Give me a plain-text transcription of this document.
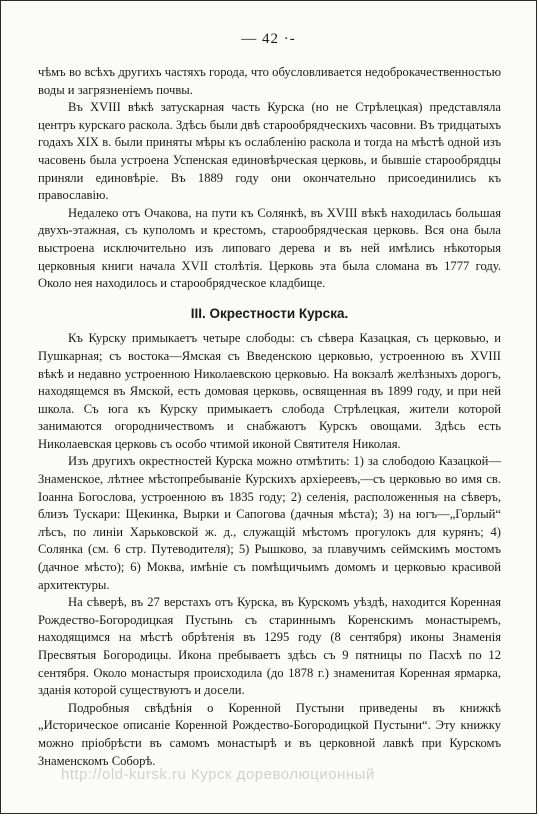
— 42 ·-

чѣмъ во всѣхъ другихъ частяхъ города, что обусловливается недоброкачественностью воды и загрязненіемъ почвы.

Въ XVIII вѣкѣ затускарная часть Курска (но не Стрѣлецкая) представляла центръ курскаго раскола. Здѣсь были двѣ старообрядческихъ часовни. Въ тридцатыхъ годахъ XIX в. были приняты мѣры къ ослабленію раскола и тогда на мѣстѣ одной изъ часовень была устроена Успенская единовѣрческая церковь, и бывшіе старообрядцы приняли единовѣріе. Въ 1889 году они окончательно присоединились къ православію.

Недалеко отъ Очакова, на пути къ Солянкѣ, въ XVIII вѣкѣ находилась большая двухъ-этажная, съ куполомъ и крестомъ, старообрядческая церковь. Вся она была выстроена исключительно изъ липоваго дерева и въ ней имѣлись нѣкоторыя церковныя книги начала XVII столѣтія. Церковь эта была сломана въ 1777 году. Около нея находилось и старообрядческое кладбище.

III. Окрестности Курска.

Къ Курску примыкаетъ четыре слободы: съ сѣвера Казацкая, съ церковью, и Пушкарная; съ востока—Ямская съ Введенскою церковью, устроенною въ XVIII вѣкѣ и недавно устроенною Николаевскою церковью. На вокзалѣ желѣзныхъ дорогъ, находящемся въ Ямской, есть домовая церковь, освященная въ 1899 году, и при ней школа. Съ юга къ Курску примыкаетъ слобода Стрѣлецкая, жители которой занимаются огородничествомъ и снабжаютъ Курскъ овощами. Здѣсь есть Николаевская церковь съ особо чтимой иконой Святителя Николая.

Изъ другихъ окрестностей Курска можно отмѣтить: 1) за слободою Казацкой—Знаменское, лѣтнее мѣстопребываніе Курскихъ архіереевъ,—съ церковью во имя св. Іоанна Богослова, устроенною въ 1835 году; 2) селенія, расположенныя на сѣверъ, близъ Тускари: Щекинка, Вырки и Сапогова (дачныя мѣста); 3) на югъ—„Горлый“ лѣсъ, по линіи Харьковской ж. д., служащій мѣстомъ прогулокъ для курянъ; 4) Солянка (см. 6 стр. Путеводителя); 5) Рышково, за плавучимъ сеймскимъ мостомъ (дачное мѣсто); 6) Моква, имѣніе съ помѣщичьимъ домомъ и церковью красивой архитектуры.

На сѣверѣ, въ 27 верстахъ отъ Курска, въ Курскомъ уѣздѣ, находится Коренная Рождество-Богородицкая Пустынь съ стариннымъ Коренскимъ монастыремъ, находящимся на мѣстѣ обрѣтенія въ 1295 году (8 сентября) иконы Знаменія Пресвятыя Богородицы. Икона пребываетъ здѣсь съ 9 пятницы по Пасхѣ по 12 сентября. Около монастыря происходила (до 1878 г.) знаменитая Коренная ярмарка, зданія которой существуютъ и досели.

Подробныя свѣдѣнія о Коренной Пустыни приведены въ книжкѣ „Историческое описаніе Коренной Рождество-Богородицкой Пустыни“. Эту книжку можно пріобрѣсти въ самомъ монастырѣ и въ церковной лавкѣ при Курскомъ Знаменскомъ Соборѣ.

http://old-kursk.ru Курск дореволюционный
